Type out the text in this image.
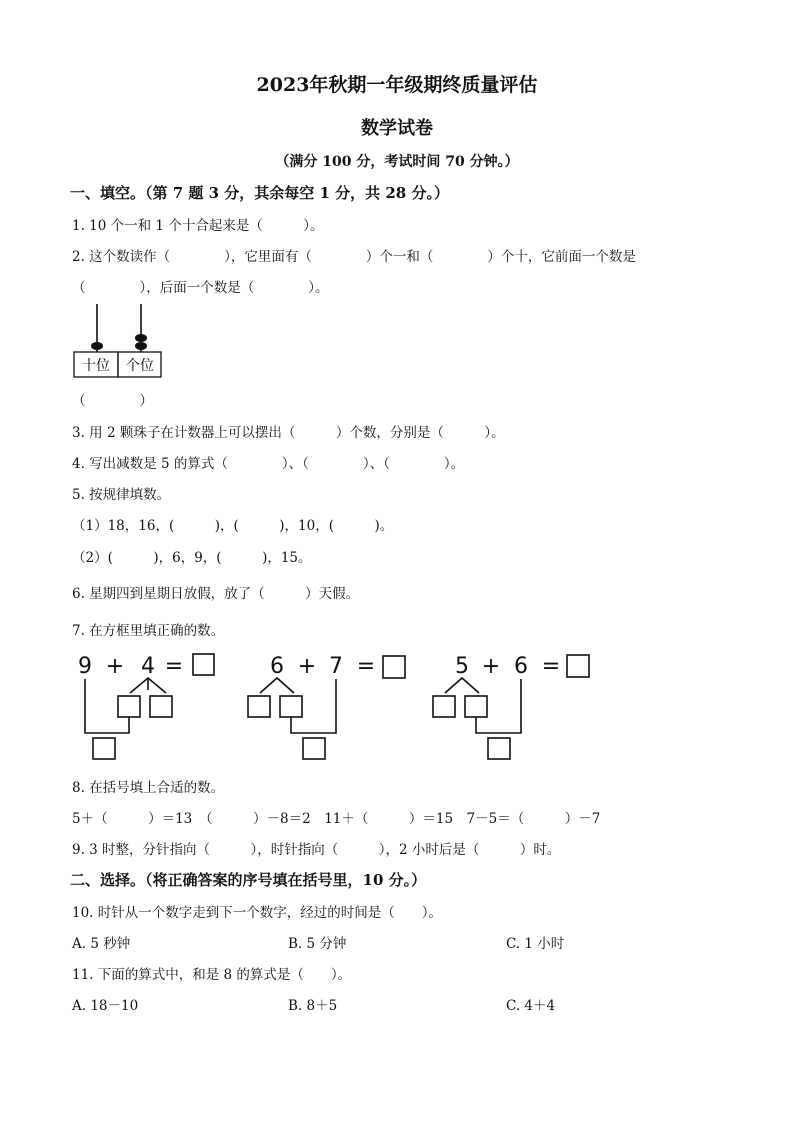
2023年秋期一年级期终质量评估
数学试卷
（满分 100 分，考试时间 70 分钟。）
一、填空。（第 7 题 3 分，其余每空 1 分，共 28 分。）
1. 10 个一和 1 个十合起来是（　　　）。
2. 这个数读作（　　　　），它里面有（　　　　）个一和（　　　　）个十，它前面一个数是
（　　　　），后面一个数是（　　　　）。
十位 个位
（　　　　）
3. 用 2 颗珠子在计数器上可以摆出（　　　）个数，分别是（　　　）。
4. 写出减数是 5 的算式（　　　　）、（　　　　）、（　　　　）。
5. 按规律填数。
（1）18，16，(　　　)，(　　　)，10，(　　　)。
（2）(　　　)，6，9，(　　　)，15。
6. 星期四到星期日放假，放了（　　　）天假。
7. 在方框里填正确的数。
9 + 4 =	6 + 7 =	5 + 6 =
8. 在括号填上合适的数。
5＋（　　　）＝13　（　　　）－8＝2　11＋（　　　）＝15　7－5＝（　　　）－7
9. 3 时整，分针指向（　　　），时针指向（　　　），2 小时后是（　　　）时。
二、选择。（将正确答案的序号填在括号里，10 分。）
10. 时针从一个数字走到下一个数字，经过的时间是（　　）。
A. 5 秒钟	B. 5 分钟	C. 1 小时
11. 下面的算式中，和是 8 的算式是（　　）。
A. 18－10	B. 8＋5	C. 4＋4
